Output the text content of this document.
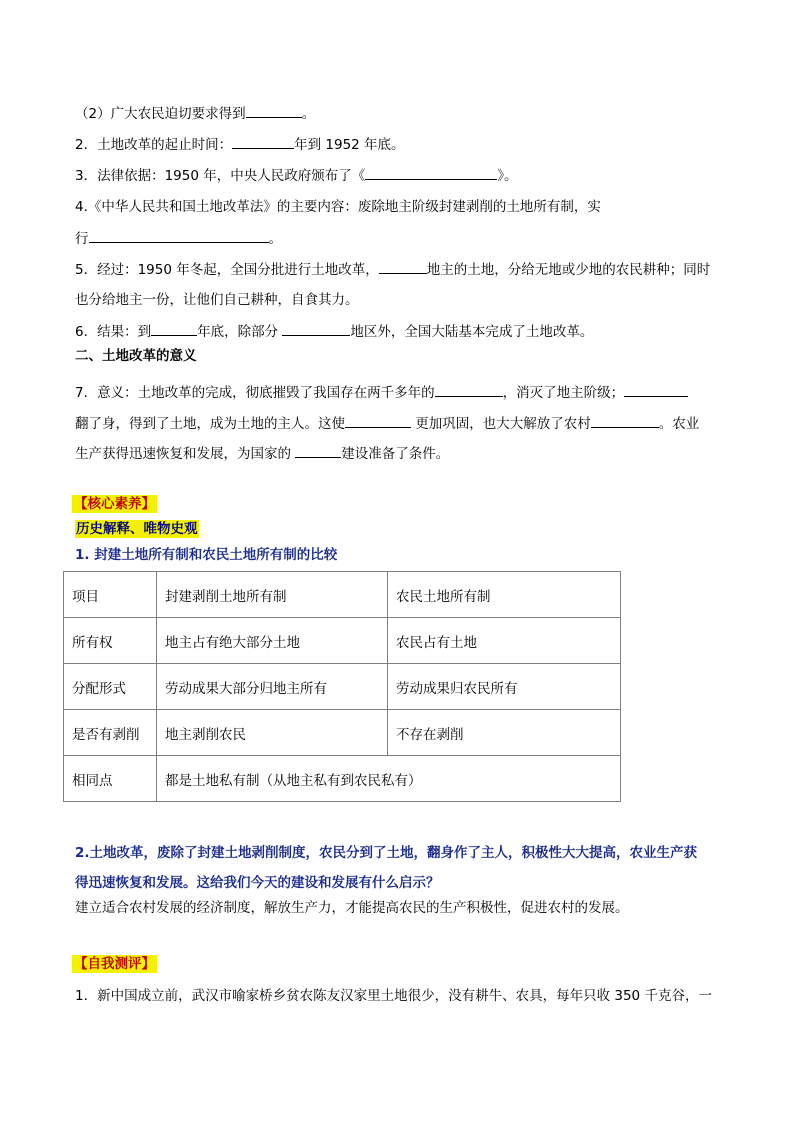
（2）广大农民迫切要求得到	。
2．土地改革的起止时间：	年到 1952 年底。
3．法律依据：1950 年，中央人民政府颁布了《	》。
4.《中华人民共和国土地改革法》的主要内容：废除地主阶级封建剥削的土地所有制，实
行	。
5．经过：1950 年冬起，全国分批进行土地改革，	地主的土地，分给无地或少地的农民耕种；同时
也分给地主一份，让他们自己耕种，自食其力。
6．结果：到	年底，除部分	地区外，全国大陆基本完成了土地改革。
二、土地改革的意义
7．意义：土地改革的完成，彻底摧毁了我国存在两千多年的	，消灭了地主阶级；
翻了身，得到了土地，成为土地的主人。这使	更加巩固，也大大解放了农村	。农业
生产获得迅速恢复和发展，为国家的	建设准备了条件。
【核心素养】
历史解释、唯物史观
1. 封建土地所有制和农民土地所有制的比较
项目	封建剥削土地所有制	农民土地所有制
所有权	地主占有绝大部分土地	农民占有土地
分配形式	劳动成果大部分归地主所有	劳动成果归农民所有
是否有剥削	地主剥削农民	不存在剥削
相同点	都是土地私有制（从地主私有到农民私有）	
2.土地改革，废除了封建土地剥削制度，农民分到了土地，翻身作了主人，积极性大大提高，农业生产获
得迅速恢复和发展。这给我们今天的建设和发展有什么启示？
建立适合农村发展的经济制度，解放生产力，才能提高农民的生产积极性，促进农村的发展。
【自我测评】
1．新中国成立前，武汉市喻家桥乡贫农陈友汉家里土地很少，没有耕牛、农具，每年只收 350 千克谷，一
